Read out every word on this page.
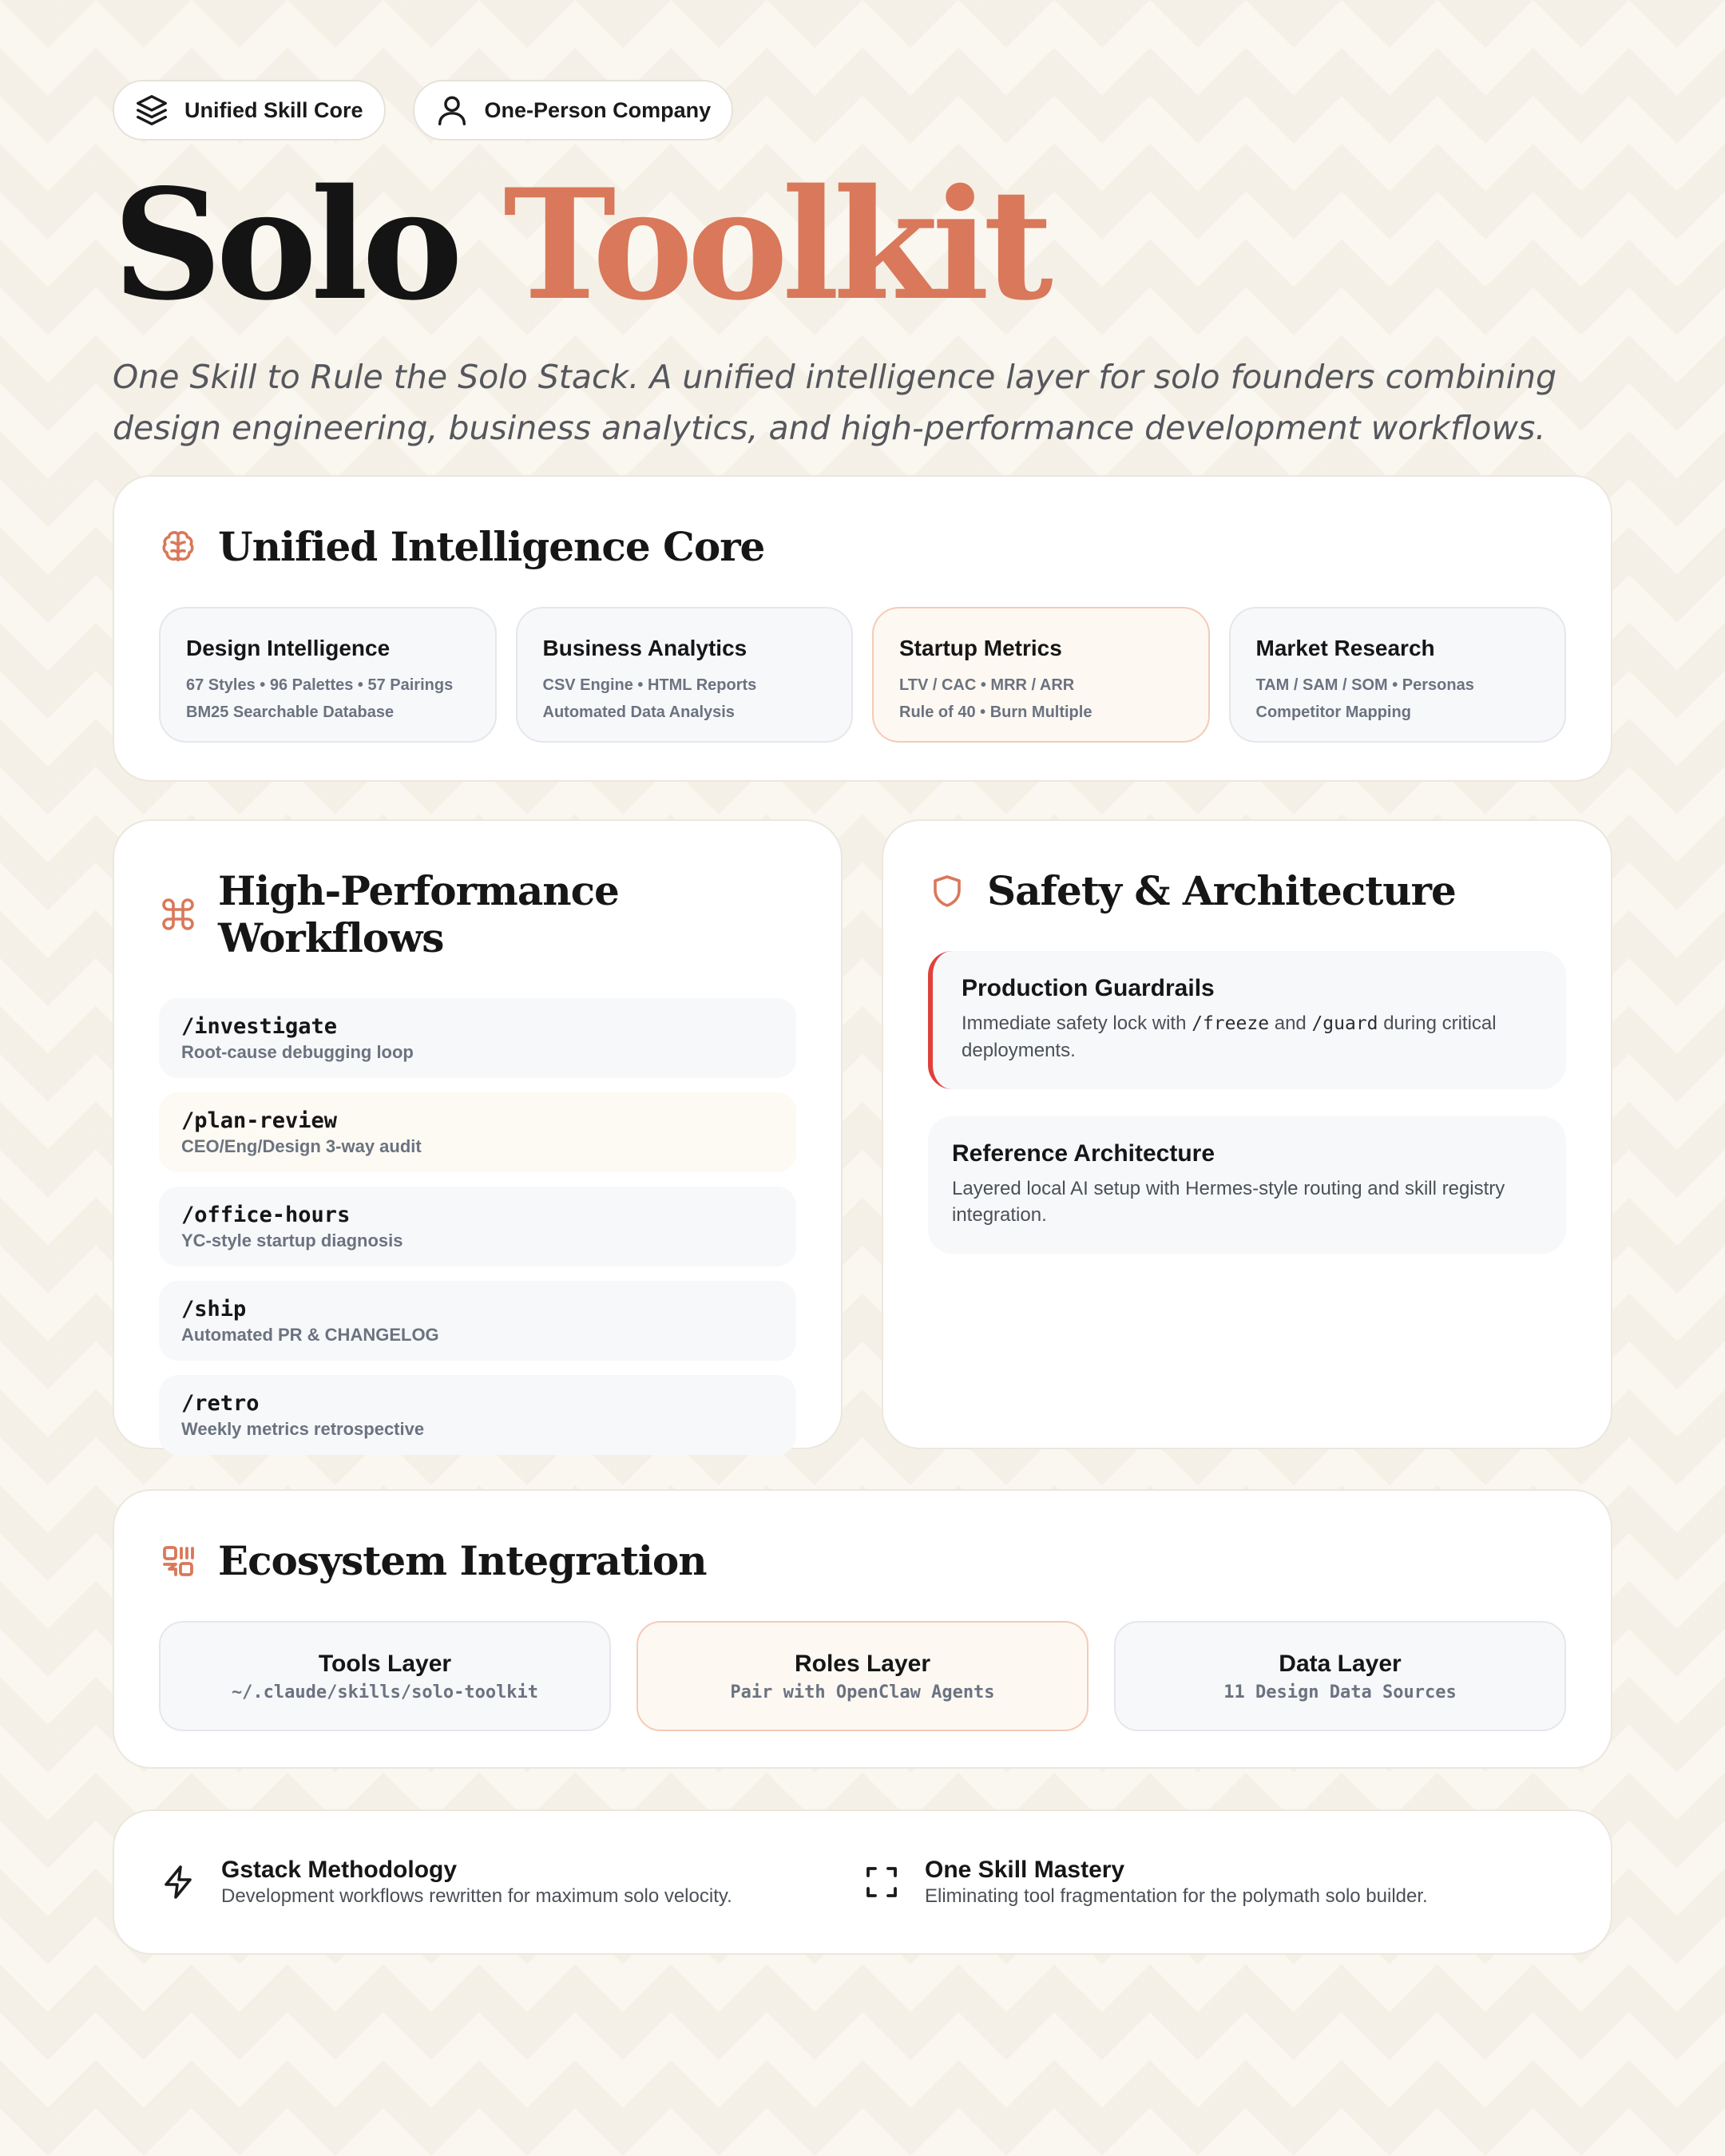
Unified Skill Core	One-Person Company
Solo Toolkit

One Skill to Rule the Solo Stack. A unified intelligence layer for solo founders combining design engineering, business analytics, and high-performance development workflows.

Unified Intelligence Core
Design Intelligence
67 Styles • 96 Palettes • 57 Pairings
BM25 Searchable Database
Business Analytics
CSV Engine • HTML Reports
Automated Data Analysis
Startup Metrics
LTV / CAC • MRR / ARR
Rule of 40 • Burn Multiple
Market Research
TAM / SAM / SOM • Personas
Competitor Mapping
High-Performance Workflows
/investigate
Root-cause debugging loop
/plan-review
CEO/Eng/Design 3-way audit
/office-hours
YC-style startup diagnosis
/ship
Automated PR & CHANGELOG
/retro
Weekly metrics retrospective
Safety & Architecture
Production Guardrails
Immediate safety lock with /freeze and /guard during critical deployments.
Reference Architecture
Layered local AI setup with Hermes-style routing and skill registry integration.
Ecosystem Integration
Tools Layer
~/.claude/skills/solo-toolkit
Roles Layer
Pair with OpenClaw Agents
Data Layer
11 Design Data Sources
Gstack Methodology
Development workflows rewritten for maximum solo velocity.
One Skill Mastery
Eliminating tool fragmentation for the polymath solo builder.
